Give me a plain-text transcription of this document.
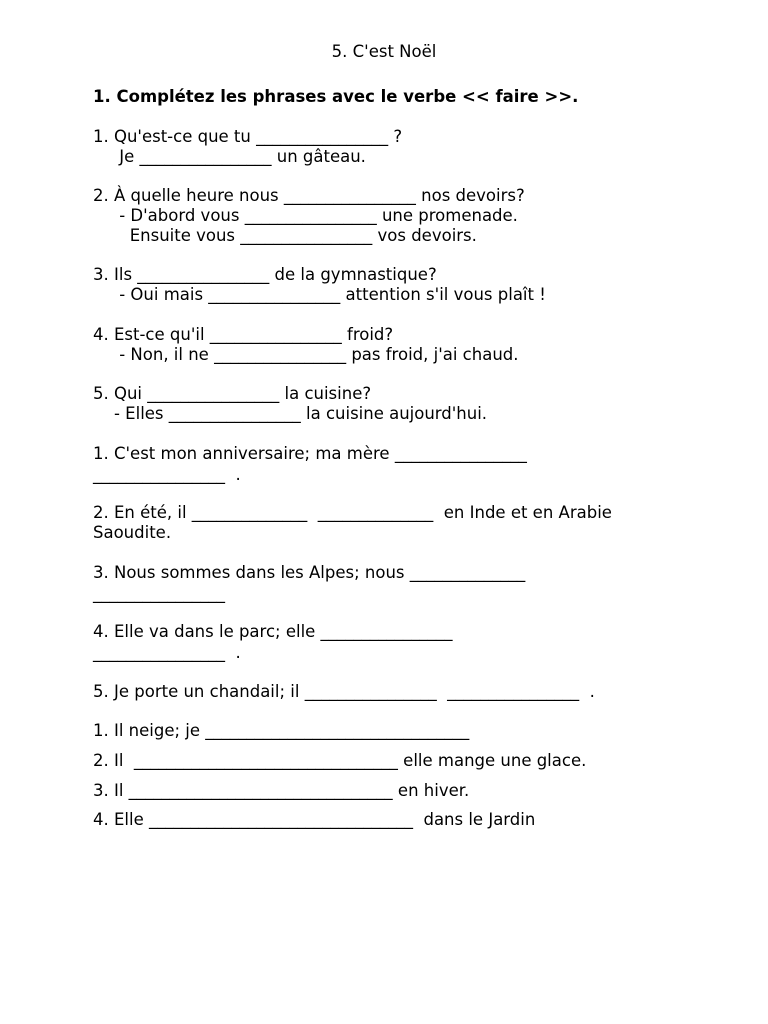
5. C'est Noël
1. Complétez les phrases avec le verbe << faire >>.
1. Qu'est-ce que tu ________________ ?
Je ________________ un gâteau.
2. À quelle heure nous ________________ nos devoirs?
- D'abord vous ________________ une promenade.
Ensuite vous ________________ vos devoirs.
3. Ils ________________ de la gymnastique?
- Oui mais ________________ attention s'il vous plaît !
4. Est-ce qu'il ________________ froid?
- Non, il ne ________________ pas froid, j'ai chaud.
5. Qui ________________ la cuisine?
- Elles ________________ la cuisine aujourd'hui.
1. C'est mon anniversaire; ma mère ________________
________________  .
2. En été, il ______________  ______________  en Inde et en Arabie
Saoudite.
3. Nous sommes dans les Alpes; nous ______________
________________
4. Elle va dans le parc; elle ________________
________________  .
5. Je porte un chandail; il ________________  ________________  .
1. Il neige; je ________________________________
2. Il  ________________________________ elle mange une glace.
3. Il ________________________________ en hiver.
4. Elle ________________________________  dans le Jardin
